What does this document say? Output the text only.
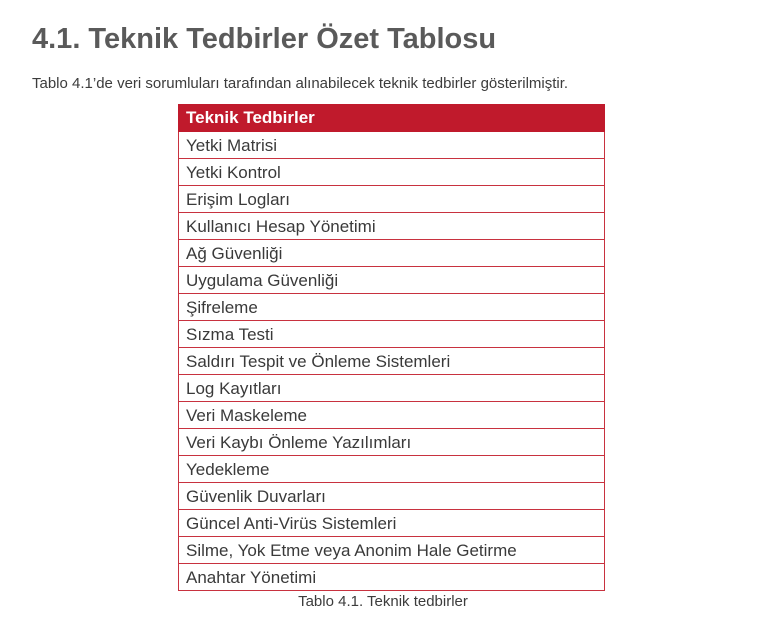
4.1. Teknik Tedbirler Özet Tablosu

Tablo 4.1’de veri sorumluları tarafından alınabilecek teknik tedbirler gösterilmiştir.

Teknik Tedbirler
Yetki Matrisi
Yetki Kontrol
Erişim Logları
Kullanıcı Hesap Yönetimi
Ağ Güvenliği
Uygulama Güvenliği
Şifreleme
Sızma Testi
Saldırı Tespit ve Önleme Sistemleri
Log Kayıtları
Veri Maskeleme
Veri Kaybı Önleme Yazılımları
Yedekleme
Güvenlik Duvarları
Güncel Anti-Virüs Sistemleri
Silme, Yok Etme veya Anonim Hale Getirme
Anahtar Yönetimi
Tablo 4.1. Teknik tedbirler
